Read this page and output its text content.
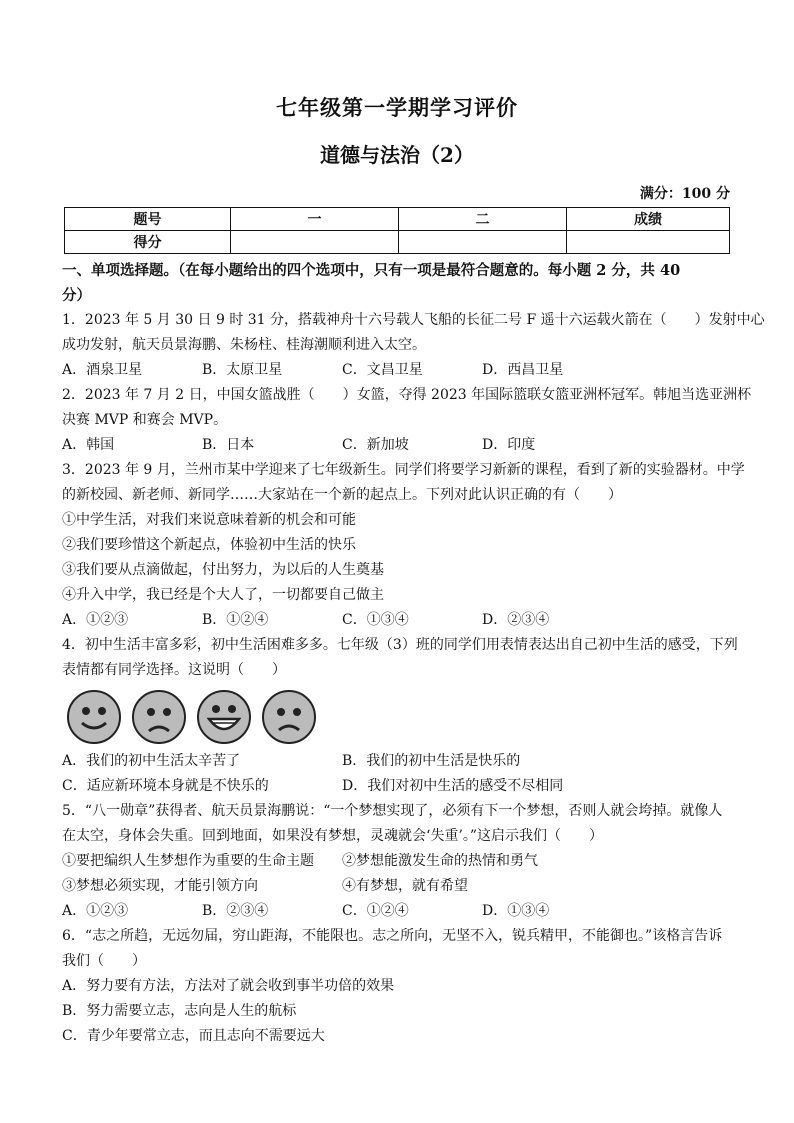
七年级第一学期学习评价
道德与法治（2）
满分：100 分
题号	一	二	成绩
得分			
一、单项选择题。（在每小题给出的四个选项中，只有一项是最符合题意的。每小题 2 分，共 40
分）
1．2023 年 5 月 30 日 9 时 31 分，搭载神舟十六号载人飞船的长征二号 F 遥十六运载火箭在（　　）发射中心
成功发射，航天员景海鹏、朱杨柱、桂海潮顺利进入太空。
A．酒泉卫星	B．太原卫星	C．文昌卫星	D．西昌卫星
2．2023 年 7 月 2 日，中国女篮战胜（　　）女篮，夺得 2023 年国际篮联女篮亚洲杯冠军。韩旭当选亚洲杯
决赛 MVP 和赛会 MVP。
A．韩国	B．日本	C．新加坡	D．印度
3．2023 年 9 月，兰州市某中学迎来了七年级新生。同学们将要学习新新的课程，看到了新的实验器材。中学
的新校园、新老师、新同学……大家站在一个新的起点上。下列对此认识正确的有（　　）
①中学生活，对我们来说意味着新的机会和可能
②我们要珍惜这个新起点，体验初中生活的快乐
③我们要从点滴做起，付出努力，为以后的人生奠基
④升入中学，我已经是个大人了，一切都要自己做主
A．①②③	B．①②④	C．①③④	D．②③④
4．初中生活丰富多彩，初中生活困难多多。七年级（3）班的同学们用表情表达出自己初中生活的感受，下列
表情都有同学选择。这说明（　　）
A．我们的初中生活太辛苦了	B．我们的初中生活是快乐的
C．适应新环境本身就是不快乐的	D．我们对初中生活的感受不尽相同
5．“八一勋章”获得者、航天员景海鹏说：“一个梦想实现了，必须有下一个梦想，否则人就会垮掉。就像人
在太空，身体会失重。回到地面，如果没有梦想，灵魂就会‘失重’。”这启示我们（　　）
①要把编织人生梦想作为重要的生命主题	②梦想能激发生命的热情和勇气
③梦想必须实现，才能引领方向	④有梦想，就有希望
A．①②③	B．②③④	C．①②④	D．①③④
6．“志之所趋，无远勿届，穷山距海，不能限也。志之所向，无坚不入，锐兵精甲，不能御也。”该格言告诉
我们（　　）
A．努力要有方法，方法对了就会收到事半功倍的效果
B．努力需要立志，志向是人生的航标
C．青少年要常立志，而且志向不需要远大
